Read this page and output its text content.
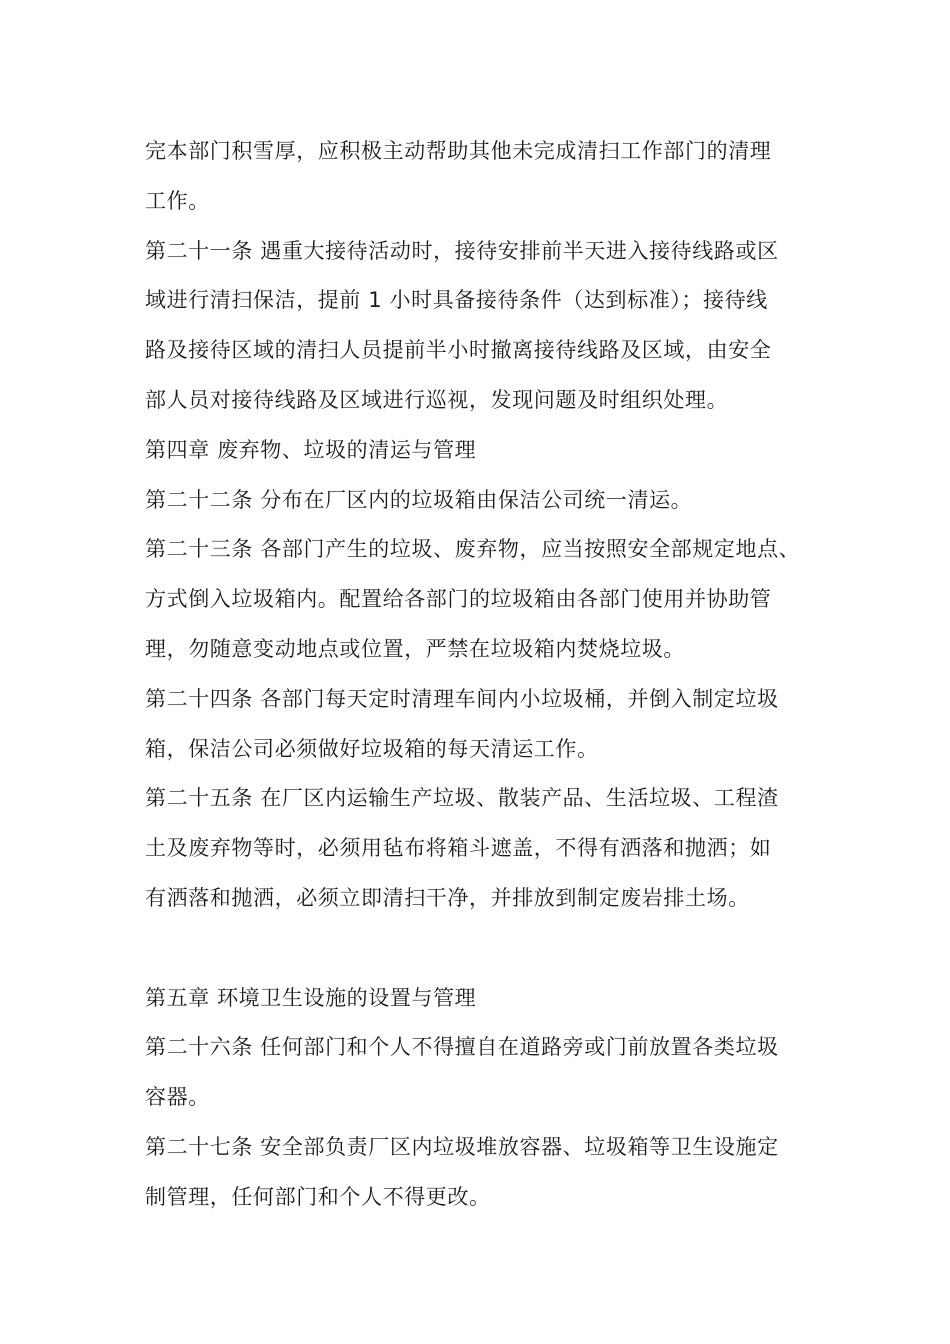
完本部门积雪厚，应积极主动帮助其他未完成清扫工作部门的清理
工作。
第二十一条 遇重大接待活动时，接待安排前半天进入接待线路或区
域进行清扫保洁，提前 1 小时具备接待条件（达到标准）；接待线
路及接待区域的清扫人员提前半小时撤离接待线路及区域，由安全
部人员对接待线路及区域进行巡视，发现问题及时组织处理。
第四章 废弃物、垃圾的清运与管理
第二十二条 分布在厂区内的垃圾箱由保洁公司统一清运。
第二十三条 各部门产生的垃圾、废弃物，应当按照安全部规定地点、
方式倒入垃圾箱内。配置给各部门的垃圾箱由各部门使用并协助管
理，勿随意变动地点或位置，严禁在垃圾箱内焚烧垃圾。
第二十四条 各部门每天定时清理车间内小垃圾桶，并倒入制定垃圾
箱，保洁公司必须做好垃圾箱的每天清运工作。
第二十五条 在厂区内运输生产垃圾、散装产品、生活垃圾、工程渣
土及废弃物等时，必须用毡布将箱斗遮盖，不得有洒落和抛洒；如
有洒落和抛洒，必须立即清扫干净，并排放到制定废岩排土场。
第五章 环境卫生设施的设置与管理
第二十六条 任何部门和个人不得擅自在道路旁或门前放置各类垃圾
容器。
第二十七条 安全部负责厂区内垃圾堆放容器、垃圾箱等卫生设施定
制管理，任何部门和个人不得更改。
